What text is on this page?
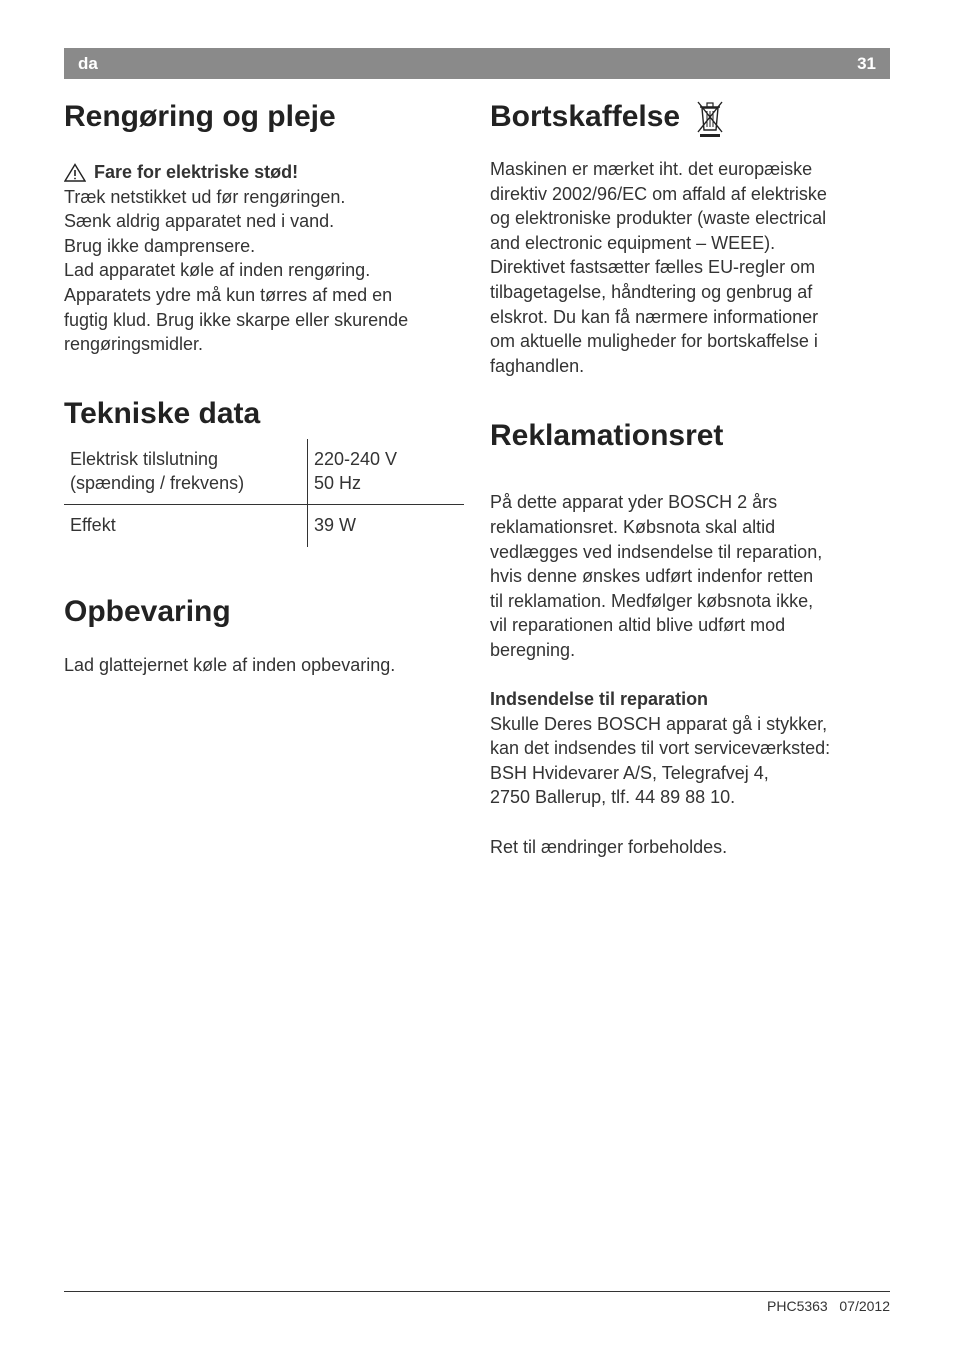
da	31
Rengøring og pleje

Fare for elektriske stød!

Træk netstikket ud før rengøringen.

Sænk aldrig apparatet ned i vand.

Brug ikke damprensere.

Lad apparatet køle af inden rengøring.

Apparatets ydre må kun tørres af med en

fugtig klud. Brug ikke skarpe eller skurende

rengøringsmidler.

Tekniske data
Elektrisk tilslutning
(spænding / frekvens)
220-240 V
50 Hz
Effekt	39 W
Opbevaring

Lad glattejernet køle af inden opbevaring.

Bortskaffelse

Maskinen er mærket iht. det europæiske

direktiv 2002/96/EC om affald af elektriske

og elektroniske produkter (waste electrical

and electronic equipment – WEEE).

Direktivet fastsætter fælles EU-regler om

tilbagetagelse, håndtering og genbrug af

elskrot. Du kan få nærmere informationer

om aktuelle muligheder for bortskaffelse i

faghandlen.

Reklamationsret

På dette apparat yder BOSCH 2 års

reklamationsret. Købsnota skal altid

vedlægges ved indsendelse til reparation,

hvis denne ønskes udført indenfor retten

til reklamation. Medfølger købsnota ikke,

vil reparationen altid blive udført mod

beregning.

Indsendelse til reparation

Skulle Deres BOSCH apparat gå i stykker,

kan det indsendes til vort serviceværksted:

BSH Hvidevarer A/S, Telegrafvej 4,

2750 Ballerup, tlf. 44 89 88 10.

Ret til ændringer forbeholdes.

PHC5363   07/2012
